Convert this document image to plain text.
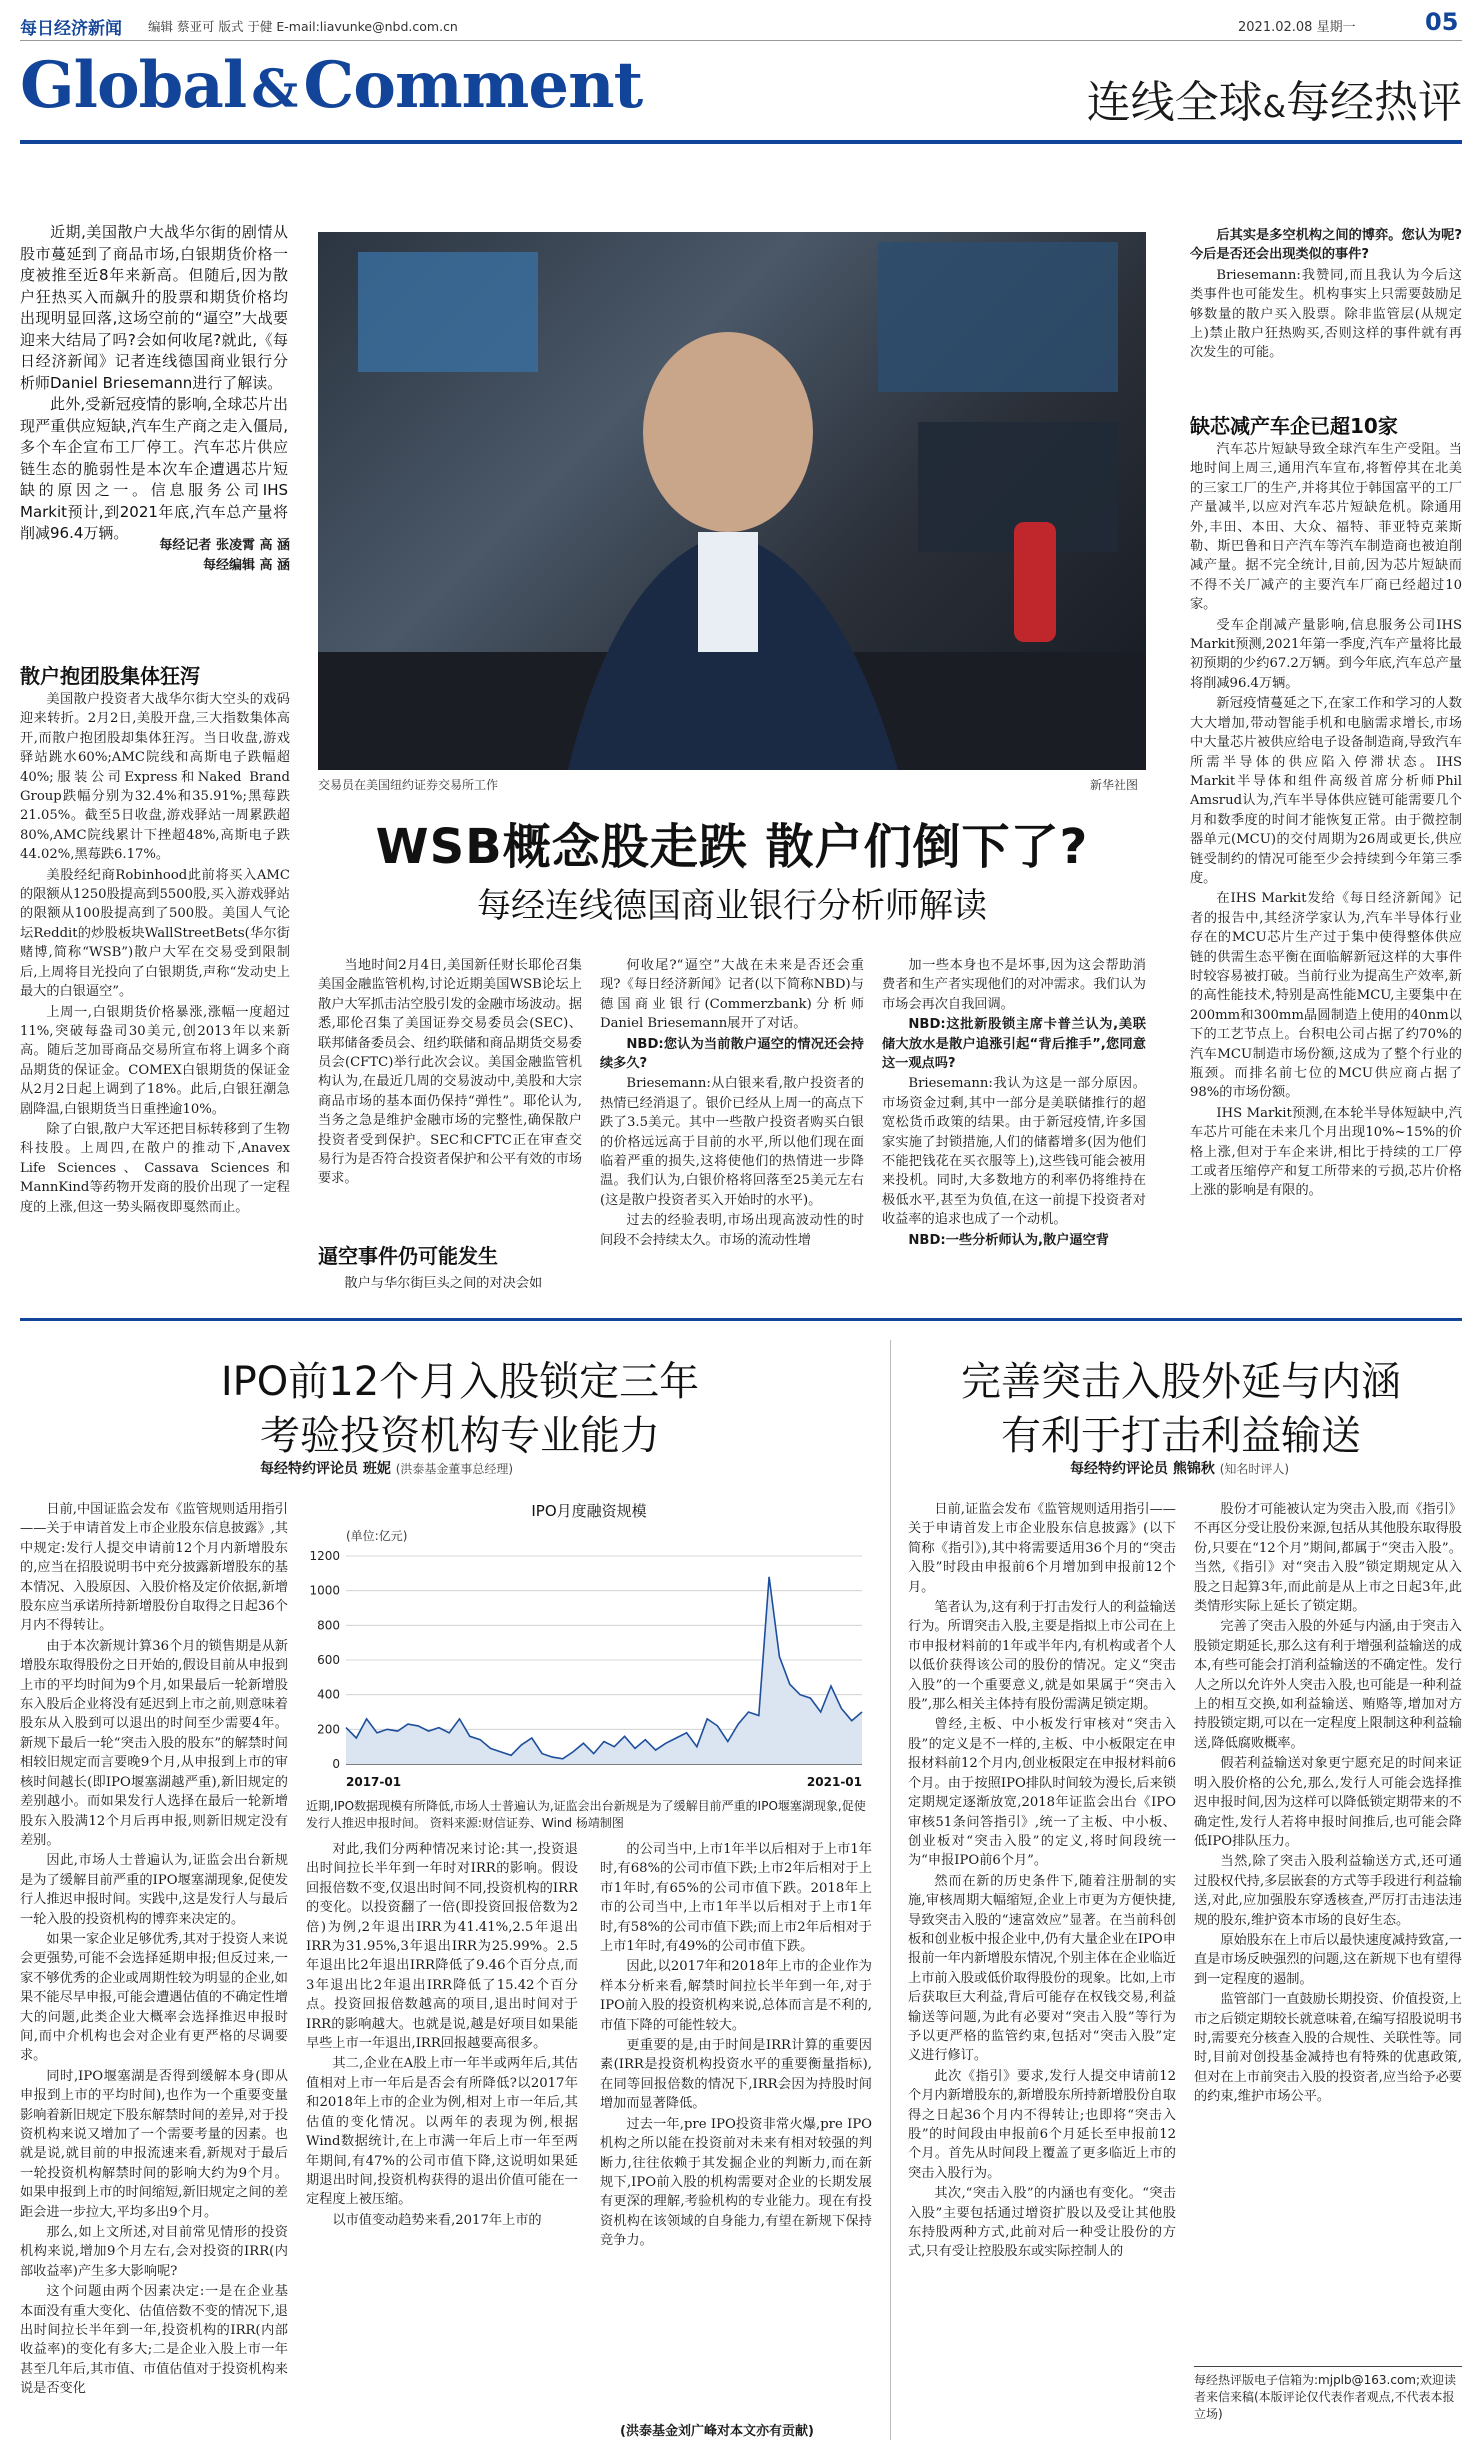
每日经济新闻 编辑 蔡亚可 版式 于健 E-mail:liavunke@nbd.com.cn	2021.02.08 星期一	05
Global & Comment	连线全球&每经热评

近期,美国散户大战华尔街的剧情从股市蔓延到了商品市场,白银期货价格一度被推至近8年来新高。但随后,因为散户狂热买入而飙升的股票和期货价格均出现明显回落,这场空前的“逼空”大战要迎来大结局了吗?会如何收尾?就此,《每日经济新闻》记者连线德国商业银行分析师Daniel Briesemann进行了解读。

此外,受新冠疫情的影响,全球芯片出现严重供应短缺,汽车生产商之走入僵局,多个车企宣布工厂停工。汽车芯片供应链生态的脆弱性是本次车企遭遇芯片短缺的原因之一。信息服务公司IHS Markit预计,到2021年底,汽车总产量将削减96.4万辆。

每经记者 张凌霄 高 涵
每经编辑 高 涵
交易员在美国纽约证券交易所工作	新华社图
WSB概念股走跌 散户们倒下了?
每经连线德国商业银行分析师解读
散户抱团股集体狂泻

美国散户投资者大战华尔街大空头的戏码迎来转折。2月2日,美股开盘,三大指数集体高开,而散户抱团股却集体狂泻。当日收盘,游戏驿站跳水60%;AMC院线和高斯电子跌幅超40%;服装公司Express和Naked Brand Group跌幅分别为32.4%和35.91%;黑莓跌21.05%。截至5日收盘,游戏驿站一周累跌超80%,AMC院线累计下挫超48%,高斯电子跌44.02%,黑莓跌6.17%。

美股经纪商Robinhood此前将买入AMC的限额从1250股提高到5500股,买入游戏驿站的限额从100股提高到了500股。美国人气论坛Reddit的炒股板块WallStreetBets(华尔街赌博,简称“WSB”)散户大军在交易受到限制后,上周将目光投向了白银期货,声称“发动史上最大的白银逼空”。

上周一,白银期货价格暴涨,涨幅一度超过11%,突破每盎司30美元,创2013年以来新高。随后芝加哥商品交易所宣布将上调多个商品期货的保证金。COMEX白银期货的保证金从2月2日起上调到了18%。此后,白银狂潮急剧降温,白银期货当日重挫逾10%。

除了白银,散户大军还把目标转移到了生物科技股。上周四,在散户的推动下,Anavex Life Sciences、Cassava Sciences和MannKind等药物开发商的股价出现了一定程度的上涨,但这一势头隔夜即戛然而止。

当地时间2月4日,美国新任财长耶伦召集美国金融监管机构,讨论近期美国WSB论坛上散户大军抓击沽空股引发的金融市场波动。据悉,耶伦召集了美国证券交易委员会(SEC)、联邦储备委员会、纽约联储和商品期货交易委员会(CFTC)举行此次会议。美国金融监管机构认为,在最近几周的交易波动中,美股和大宗商品市场的基本面仍保持“弹性”。耶伦认为,当务之急是维护金融市场的完整性,确保散户投资者受到保护。SEC和CFTC正在审查交易行为是否符合投资者保护和公平有效的市场要求。

逼空事件仍可能发生

散户与华尔街巨头之间的对决会如

何收尾?“逼空”大战在未来是否还会重现?《每日经济新闻》记者(以下简称NBD)与德国商业银行(Commerzbank)分析师Daniel Briesemann展开了对话。

NBD:您认为当前散户逼空的情况还会持续多久?

Briesemann:从白银来看,散户投资者的热情已经消退了。银价已经从上周一的高点下跌了3.5美元。其中一些散户投资者购买白银的价格远远高于目前的水平,所以他们现在面临着严重的损失,这将使他们的热情进一步降温。我们认为,白银价格将回落至25美元左右(这是散户投资者买入开始时的水平)。

过去的经验表明,市场出现高波动性的时间段不会持续太久。市场的流动性增

加一些本身也不是坏事,因为这会帮助消费者和生产者实现他们的对冲需求。我们认为市场会再次自我回调。

NBD:这批新股锁主席卡普兰认为,美联储大放水是散户追涨引起“背后推手”,您同意这一观点吗?

Briesemann:我认为这是一部分原因。市场资金过剩,其中一部分是美联储推行的超宽松货币政策的结果。由于新冠疫情,许多国家实施了封锁措施,人们的储蓄增多(因为他们不能把钱花在买衣服等上),这些钱可能会被用来投机。同时,大多数地方的利率仍将维持在极低水平,甚至为负值,在这一前提下投资者对收益率的追求也成了一个动机。

NBD:一些分析师认为,散户逼空背

后其实是多空机构之间的博弈。您认为呢?今后是否还会出现类似的事件?

Briesemann:我赞同,而且我认为今后这类事件也可能发生。机构事实上只需要鼓励足够数量的散户买入股票。除非监管层(从规定上)禁止散户狂热购买,否则这样的事件就有再次发生的可能。

缺芯减产车企已超10家

汽车芯片短缺导致全球汽车生产受阻。当地时间上周三,通用汽车宣布,将暂停其在北美的三家工厂的生产,并将其位于韩国富平的工厂产量减半,以应对汽车芯片短缺危机。除通用外,丰田、本田、大众、福特、菲亚特克莱斯勒、斯巴鲁和日产汽车等汽车制造商也被迫削减产量。据不完全统计,目前,因为芯片短缺而不得不关厂减产的主要汽车厂商已经超过10家。

受车企削减产量影响,信息服务公司IHS Markit预测,2021年第一季度,汽车产量将比最初预期的少约67.2万辆。到今年底,汽车总产量将削减96.4万辆。

新冠疫情蔓延之下,在家工作和学习的人数大大增加,带动智能手机和电脑需求增长,市场中大量芯片被供应给电子设备制造商,导致汽车所需半导体的供应陷入停滞状态。IHS Markit半导体和组件高级首席分析师Phil Amsrud认为,汽车半导体供应链可能需要几个月和数季度的时间才能恢复正常。由于微控制器单元(MCU)的交付周期为26周或更长,供应链受制约的情况可能至少会持续到今年第三季度。

在IHS Markit发给《每日经济新闻》记者的报告中,其经济学家认为,汽车半导体行业存在的MCU芯片生产过于集中使得整体供应链的供需生态平衡在面临解新冠这样的大事件时较容易被打破。当前行业为提高生产效率,新的高性能技术,特别是高性能MCU,主要集中在200mm和300mm晶圆制造上使用的40nm以下的工艺节点上。台积电公司占据了约70%的汽车MCU制造市场份额,这成为了整个行业的瓶颈。而排名前七位的MCU供应商占据了98%的市场份额。

IHS Markit预测,在本轮半导体短缺中,汽车芯片可能在未来几个月出现10%~15%的价格上涨,但对于车企来讲,相比于持续的工厂停工或者压缩停产和复工所带来的亏损,芯片价格上涨的影响是有限的。

IPO前12个月入股锁定三年
考验投资机构专业能力
每经特约评论员 班妮 (洪泰基金董事总经理)

日前,中国证监会发布《监管规则适用指引——关于申请首发上市企业股东信息披露》,其中规定:发行人提交申请前12个月内新增股东的,应当在招股说明书中充分披露新增股东的基本情况、入股原因、入股价格及定价依据,新增股东应当承诺所持新增股份自取得之日起36个月内不得转让。

由于本次新规计算36个月的锁售期是从新增股东取得股份之日开始的,假设目前从申报到上市的平均时间为9个月,如果最后一轮新增股东入股后企业将没有延迟到上市之前,则意味着股东从入股到可以退出的时间至少需要4年。新规下最后一轮“突击入股的股东”的解禁时间相较旧规定而言要晚9个月,从申报到上市的审核时间越长(即IPO堰塞湖越严重),新旧规定的差别越小。而如果发行人选择在最后一轮新增股东入股满12个月后再申报,则新旧规定没有差别。

因此,市场人士普遍认为,证监会出台新规是为了缓解目前严重的IPO堰塞湖现象,促使发行人推迟申报时间。实践中,这是发行人与最后一轮入股的投资机构的博弈来决定的。

如果一家企业足够优秀,其对于投资人来说会更强势,可能不会选择延期申报;但反过来,一家不够优秀的企业或周期性较为明显的企业,如果不能尽早申报,可能会遭遇估值的不确定性增大的问题,此类企业大概率会选择推迟申报时间,而中介机构也会对企业有更严格的尽调要求。

同时,IPO堰塞湖是否得到缓解本身(即从申报到上市的平均时间),也作为一个重要变量影响着新旧规定下股东解禁时间的差异,对于投资机构来说又增加了一个需要考量的因素。也就是说,就目前的申报流速来看,新规对于最后一轮投资机构解禁时间的影响大约为9个月。如果申报到上市的时间缩短,新旧规定之间的差距会进一步拉大,平均多出9个月。

那么,如上文所述,对目前常见情形的投资机构来说,增加9个月左右,会对投资的IRR(内部收益率)产生多大影响呢?

这个问题由两个因素决定:一是在企业基本面没有重大变化、估值倍数不变的情况下,退出时间拉长半年到一年,投资机构的IRR(内部收益率)的变化有多大;二是企业入股上市一年甚至几年后,其市值、市值估值对于投资机构来说是否变化

IPO月度融资规模
(单位:亿元)
0
200
400
600
800
1000
1200
2017-01	2021-01
近期,IPO数据现模有所降低,市场人士普遍认为,证监会出台新规是为了缓解目前严重的IPO堰塞湖现象,促使发行人推迟申报时间。 资料来源:财信证券、Wind 杨靖制图

对此,我们分两种情况来讨论:其一,投资退出时间拉长半年到一年时对IRR的影响。假设回报倍数不变,仅退出时间不同,投资机构的IRR的变化。以投资翻了一倍(即投资回报倍数为2倍)为例,2年退出IRR为41.41%,2.5年退出IRR为31.95%,3年退出IRR为25.99%。2.5年退出比2年退出IRR降低了9.46个百分点,而3年退出比2年退出IRR降低了15.42个百分点。投资回报倍数越高的项目,退出时间对于IRR的影响越大。也就是说,越是好项目如果能早些上市一年退出,IRR回报越要高很多。

其二,企业在A股上市一年半或两年后,其估值相对上市一年后是否会有所降低?以2017年和2018年上市的企业为例,相对上市一年后,其估值的变化情况。以两年的表现为例,根据Wind数据统计,在上市满一年后上市一年至两年期间,有47%的公司市值下降,这说明如果延期退出时间,投资机构获得的退出价值可能在一定程度上被压缩。

以市值变动趋势来看,2017年上市的

的公司当中,上市1年半以后相对于上市1年时,有68%的公司市值下跌;上市2年后相对于上市1年时,有65%的公司市值下跌。2018年上市的公司当中,上市1年半以后相对于上市1年时,有58%的公司市值下跌;而上市2年后相对于上市1年时,有49%的公司市值下跌。

因此,以2017年和2018年上市的企业作为样本分析来看,解禁时间拉长半年到一年,对于IPO前入股的投资机构来说,总体而言是不利的,市值下降的可能性较大。

更重要的是,由于时间是IRR计算的重要因素(IRR是投资机构投资水平的重要衡量指标),在同等回报倍数的情况下,IRR会因为持股时间增加而显著降低。

过去一年,pre IPO投资非常火爆,pre IPO机构之所以能在投资前对未来有相对较强的判断力,往往依赖于其发掘企业的判断力,而在新规下,IPO前入股的机构需要对企业的长期发展有更深的理解,考验机构的专业能力。现在有投资机构在该领域的自身能力,有望在新规下保持竞争力。

(洪泰基金刘广峰对本文亦有贡献)
完善突击入股外延与内涵
有利于打击利益输送
每经特约评论员 熊锦秋 (知名时评人)

日前,证监会发布《监管规则适用指引——关于申请首发上市企业股东信息披露》(以下简称《指引》),其中将需要适用36个月的“突击入股”时段由申报前6个月增加到申报前12个月。

笔者认为,这有利于打击发行人的利益输送行为。所谓突击入股,主要是指拟上市公司在上市申报材料前的1年或半年内,有机构或者个人以低价获得该公司的股份的情况。定义“突击入股”的一个重要意义,就是如果属于“突击入股”,那么相关主体持有股份需满足锁定期。

曾经,主板、中小板发行审核对“突击入股”的定义是不一样的,主板、中小板限定在申报材料前12个月内,创业板限定在申报材料前6个月。由于按照IPO排队时间较为漫长,后来锁定期规定逐渐放宽,2018年证监会出台《IPO审核51条问答指引》,统一了主板、中小板、创业板对“突击入股”的定义,将时间段统一为“申报IPO前6个月”。

然而在新的历史条件下,随着注册制的实施,审核周期大幅缩短,企业上市更为方便快捷,导致突击入股的“速富效应”显著。在当前科创板和创业板中报企业中,仍有大量企业在IPO申报前一年内新增股东情况,个别主体在企业临近上市前入股或低价取得股份的现象。比如,上市后获取巨大利益,背后可能存在权钱交易,利益输送等问题,为此有必要对“突击入股”等行为予以更严格的监管约束,包括对“突击入股”定义进行修订。

此次《指引》要求,发行人提交申请前12个月内新增股东的,新增股东所持新增股份自取得之日起36个月内不得转让;也即将“突击入股”的时间段由申报前6个月延长至申报前12个月。首先从时间段上覆盖了更多临近上市的突击入股行为。

其次,“突击入股”的内涵也有变化。“突击入股”主要包括通过增资扩股以及受让其他股东持股两种方式,此前对后一种受让股份的方式,只有受让控股股东或实际控制人的

股份才可能被认定为突击入股,而《指引》不再区分受让股份来源,包括从其他股东取得股份,只要在“12个月”期间,都属于“突击入股”。当然,《指引》对“突击入股”锁定期规定从入股之日起算3年,而此前是从上市之日起3年,此类情形实际上延长了锁定期。

完善了突击入股的外延与内涵,由于突击入股锁定期延长,那么这有利于增强利益输送的成本,有些可能会打消利益输送的不确定性。发行人之所以允许外人突击入股,也可能是一种利益上的相互交换,如利益输送、贿赂等,增加对方持股锁定期,可以在一定程度上限制这种利益输送,降低腐败概率。

假若利益输送对象更宁愿充足的时间来证明入股价格的公允,那么,发行人可能会选择推迟申报时间,因为这样可以降低锁定期带来的不确定性,发行人若将申报时间推后,也可能会降低IPO排队压力。

当然,除了突击入股利益输送方式,还可通过股权代持,多层嵌套的方式等手段进行利益输送,对此,应加强股东穿透核查,严厉打击违法违规的股东,维护资本市场的良好生态。

原始股东在上市后以最快速度减持致富,一直是市场反映强烈的问题,这在新规下也有望得到一定程度的遏制。

监管部门一直鼓励长期投资、价值投资,上市之后锁定期较长就意味着,在编写招股说明书时,需要充分核查入股的合规性、关联性等。同时,目前对创投基金减持也有特殊的优惠政策,但对在上市前突击入股的投资者,应当给予必要的约束,维护市场公平。

每经热评版电子信箱为:mjplb@163.com;欢迎读者来信来稿(本版评论仅代表作者观点,不代表本报立场)
